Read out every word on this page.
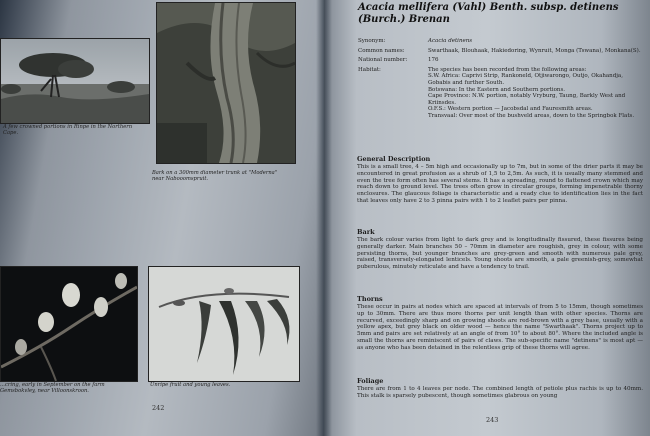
A few crowned portions in Rinpe in the Northern Cape.
Bark on a 300mm diameter trunk at "Moderna" near Nabooomspruit.
...cring, early in September on the farm Gemsbokvley, near Villoonskroon.
Unripe fruit and young leaves.
242
Acacia mellifera (Vahl) Benth. subsp. detinens
(Burch.) Brenan
Synonym:	Acacia detinens
Common names:	Swarthaak, Blouhaak, Hakiedoring, Wynruit, Monga (Tswana), Monkana(S).
National number:	176
Habitat:	The species has been recorded from the following areas:
S.W. Africa: Caprivi Strip, Rankoneld, Otjiwarongo, Outjo, Okahandja, Gobabis and further South.
Botswana: In the Eastern and Southern portions.
Cape Province: N.W. portion, notably Vryburg, Taung, Barkly West and Kriinsdes.
O.F.S.: Western portion — Jacobsdal and Fauresmith areas.
Transvaal: Over most of the bushveld areas, down to the Springbok Flats.
General Description

This is a small tree, 4 – 5m high and occasionally up to 7m, but in some of the drier parts it may be encountered in great profusion as a shrub of 1,5 to 2,5m. As such, it is usually many stemmed and even the tree form often has several stems. It has a spreading, round to flattened crown which may reach down to ground level. The trees often grow in circular groups, forming impenetrable thorny enclosures. The glaucous foliage is characteristic and a ready clue to identification lies in the fact that leaves only have 2 to 3 pinna pairs with 1 to 2 leaflet pairs per pinna.

Bark

The bark colour varies from light to dark grey and is longitudinally fissured, these fissures being generally darker. Main branches 50 – 70mm in diameter are roughish, grey in colour, with some persisting thorns, but younger branches are grey-green and smooth with numerous pale grey, raised, transversely-elongated lenticels. Young shoots are smooth, a pale greenish-grey, somewhat puberulous, minutely reticulate and have a tendency to trail.

Thorns

These occur in pairs at nodes which are spaced at intervals of from 5 to 15mm, though sometimes up to 30mm. There are thus more thorns per unit length than with other species. Thorns are recurved, exceedingly sharp and on growing shoots are red-brown with a grey base, usually with a yellow apex, but grey black on older wood — hence the name "Swarthaak". Thorns project up to 5mm and pairs are set relatively at an angle of from 10° to about 80°. Where the included angle is small the thorns are reminiscent of pairs of claws. The sub-specific name "detinens" is most apt — as anyone who has been detained in the relentless grip of these thorns will agree.

Foliage

There are from 1 to 4 leaves per node. The combined length of petiole plus rachis is up to 40mm. This stalk is sparsely pubescent, though sometimes glabrous on young

243
